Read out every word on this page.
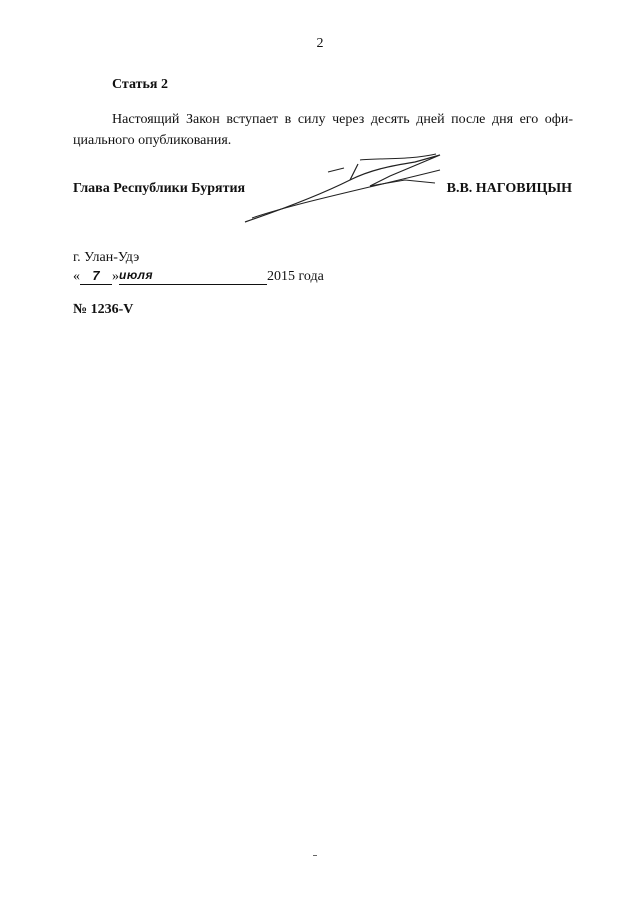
2
Статья 2
Настоящий Закон вступает в силу через десять дней после дня его офи-
циального опубликования.
Глава Республики Бурятия	В.В. НАГОВИЦЫН
г. Улан-Удэ
« 7 »июля	2015 года
№ 1236-V
